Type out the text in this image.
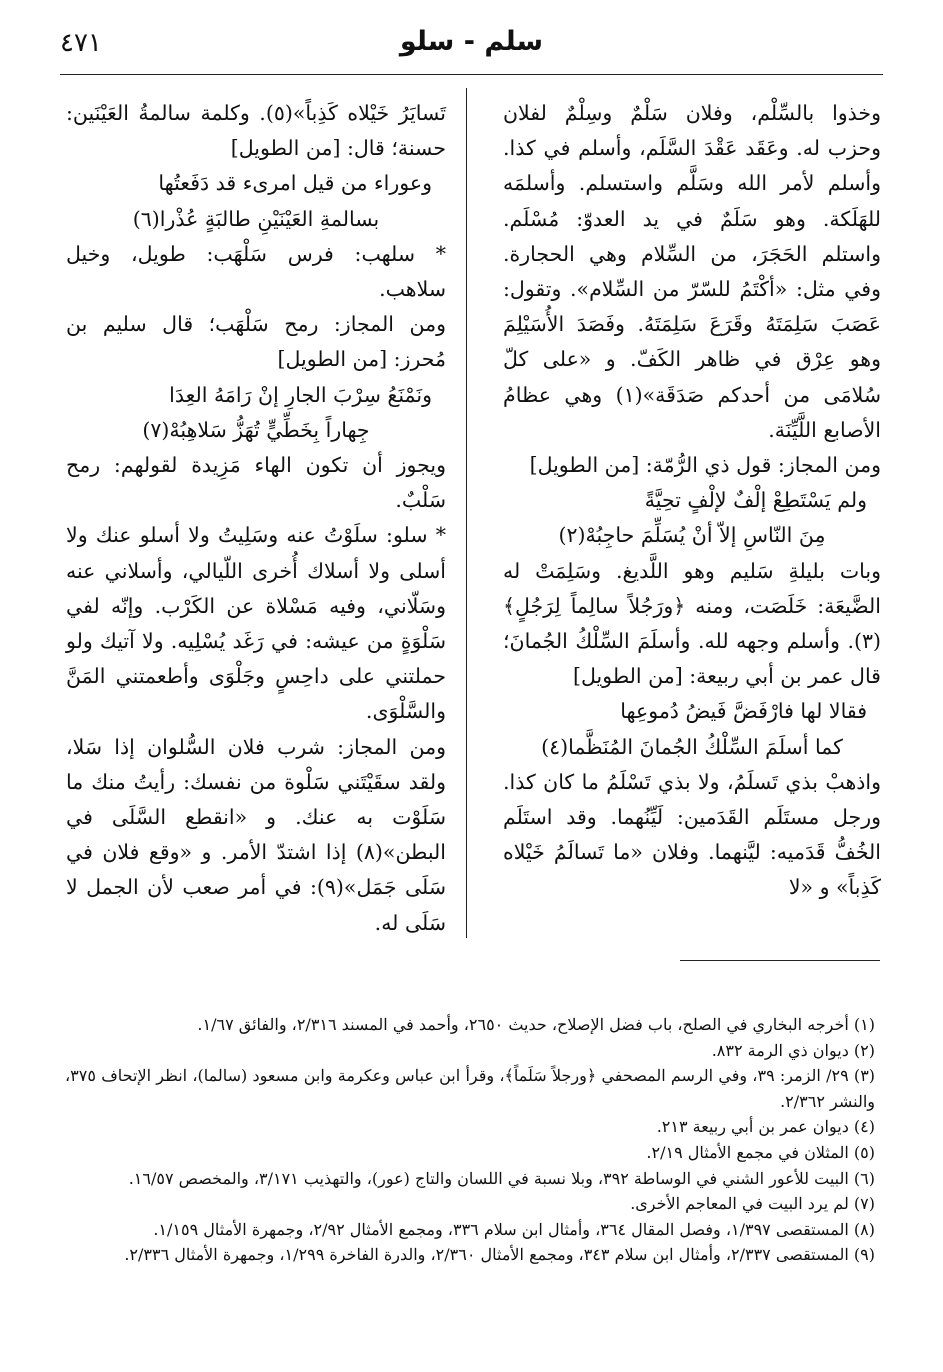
سلم - سلو
٤٧١

وخذوا بالسِّلْم، وفلان سَلْمٌ وسِلْمٌ لفلان وحزب له. وعَقَد عَقْدَ السَّلَم، وأسلم في كذا. وأسلم لأمر الله وسَلَّم واستسلم. وأسلمَه للهَلَكة. وهو سَلَمٌ في يد العدوّ: مُسْلَم. واستلم الحَجَرَ، من السِّلام وهي الحجارة. وفي مثل: «أكْتَمُ للسّرّ من السِّلام». وتقول: عَصَبَ سَلِمَتَهُ وقَرَعَ سَلِمَتَهُ. وفَصَدَ الأُسَيْلِمَ وهو عِرْق في ظاهر الكَفّ. و «على كلّ سُلامَى من أحدكم صَدَقَة»(١) وهي عظامُ الأصابع اللَّيِّنَة.

ومن المجاز: قول ذي الرُّمّة: [من الطويل]

ولم يَسْتَطِعْ إلْفٌ لإلْفٍ تحِيَّةً

مِنَ النّاسِ إلاّ أنْ يُسَلِّمَ حاجِبُهْ(٢)

وبات بليلةِ سَليم وهو اللَّديغ. وسَلِمَتْ له الضَّيعَة: خَلَصَت، ومنه ﴿ورَجُلاً سالِماً لِرَجُلٍ﴾(٣). وأسلم وجهه لله. وأسلَمَ السِّلْكُ الجُمانَ؛ قال عمر بن أبي ربيعة: [من الطويل]

فقالا لها فارْفَضَّ فَيضُ دُموعِها

كما أسلَمَ السِّلْكُ الجُمانَ المُنَظَّما(٤)

واذهبْ بذي تَسلَمُ، ولا بذي تَسْلَمُ ما كان كذا. ورجل مستَلَم القَدَمين: لَيِّنُهما. وقد استَلَم الخُفُّ قَدَميه: ليَّنهما. وفلان «ما تَسالَمُ خَيْلاه كَذِباً» و «لا

تَسايَرُ خَيْلاه كَذِباً»(٥). وكلمة سالمةُ العَيْنَين: حسنة؛ قال: [من الطويل]

وعوراء من قيل امرىء قد دَفَعتُها

بسالمةِ العَيْنَيْنِ طالبَةٍ عُذْرا(٦)

* سلهب: فرس سَلْهَب: طويل، وخيل سلاهب.

ومن المجاز: رمح سَلْهَب؛ قال سليم بن مُحرز: [من الطويل]

ونَمْنَعُ سِرْبَ الجارِ إنْ رَامَهُ العِدَا

جِهاراً بِخَطِّيٍّ تُهَزُّ سَلاهِبُهْ(٧)

ويجوز أن تكون الهاء مَزِيدة لقولهم: رمح سَلْبٌ.

* سلو: سلَوْتُ عنه وسَلِيتُ ولا أسلو عنك ولا أسلى ولا أسلاك أُخرى اللّيالي، وأسلاني عنه وسَلّاني، وفيه مَسْلاة عن الكَرْب. وإنّه لفي سَلْوَةٍ من عيشه: في رَغَد يُسْلِيه. ولا آتيك ولو حملتني على داحِسٍ وجَلْوَى وأطعمتني المَنَّ والسَّلْوَى.

ومن المجاز: شرب فلان السُّلوان إذا سَلا، ولقد سقَيْتَني سَلْوة من نفسك: رأيتُ منك ما سَلَوْت به عنك. و «انقطع السَّلَى في البطن»(٨) إذا اشتدّ الأمر. و «وقع فلان في سَلَى جَمَل»(٩): في أمر صعب لأن الجمل لا سَلَى له.

(١) أخرجه البخاري في الصلح، باب فضل الإصلاح، حديث ٢٦٥٠، وأحمد في المسند ٢/٣١٦، والفائق ١/٦٧.

(٢) ديوان ذي الرمة ٨٣٢.

(٣) ٢٩/ الزمر: ٣٩، وفي الرسم المصحفي ﴿ورجلاً سَلَماً﴾، وقرأ ابن عباس وعكرمة وابن مسعود (سالما)، انظر الإتحاف ٣٧٥، والنشر ٢/٣٦٢.

(٤) ديوان عمر بن أبي ربيعة ٢١٣.

(٥) المثلان في مجمع الأمثال ٢/١٩.

(٦) البيت للأعور الشني في الوساطة ٣٩٢، وبلا نسبة في اللسان والتاج (عور)، والتهذيب ٣/١٧١، والمخصص ١٦/٥٧.

(٧) لم يرد البيت في المعاجم الأخرى.

(٨) المستقصى ١/٣٩٧، وفصل المقال ٣٦٤، وأمثال ابن سلام ٣٣٦، ومجمع الأمثال ٢/٩٢، وجمهرة الأمثال ١/١٥٩.

(٩) المستقصى ٢/٣٣٧، وأمثال ابن سلام ٣٤٣، ومجمع الأمثال ٢/٣٦٠، والدرة الفاخرة ١/٢٩٩، وجمهرة الأمثال ٢/٣٣٦.
